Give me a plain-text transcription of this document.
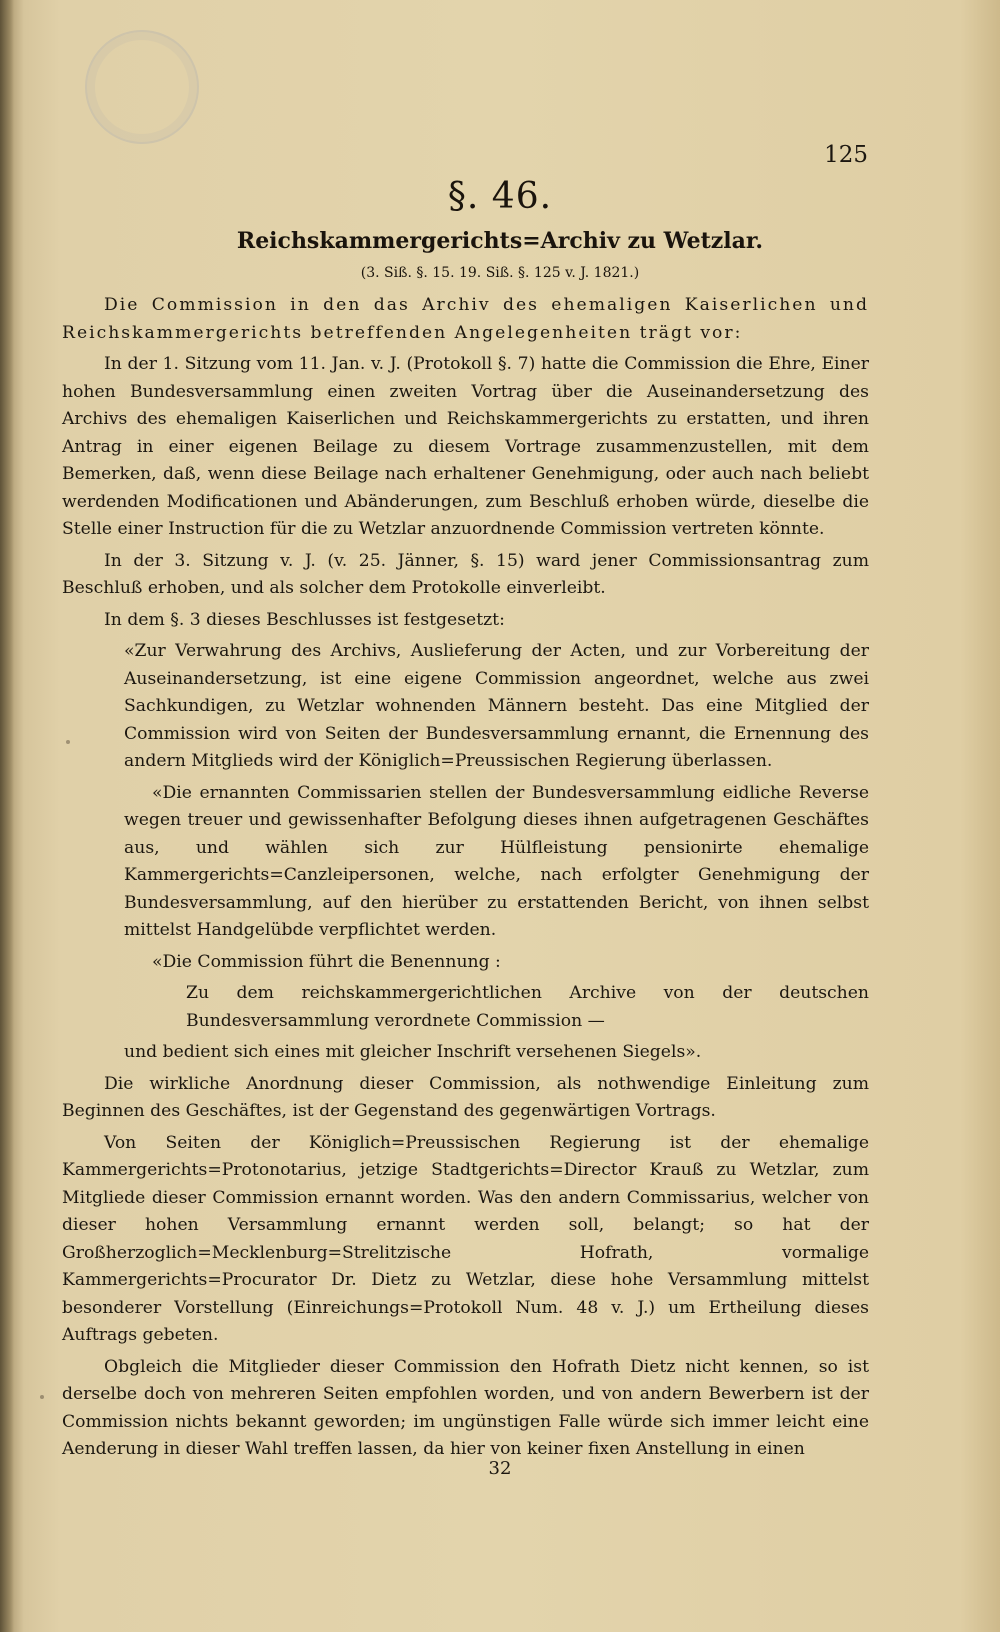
125
§. 46.
Reichskammergerichts=Archiv zu Wetzlar.
(3. Siß. §. 15. 19. Siß. §. 125 v. J. 1821.)

Die Commission in den das Archiv des ehemaligen Kaiserlichen und Reichskammergerichts betreffenden Angelegenheiten trägt vor:

In der 1. Sitzung vom 11. Jan. v. J. (Protokoll §. 7) hatte die Commission die Ehre, Einer hohen Bundesversammlung einen zweiten Vortrag über die Auseinandersetzung des Archivs des ehemaligen Kaiserlichen und Reichskammergerichts zu erstatten, und ihren Antrag in einer eigenen Beilage zu diesem Vortrage zusammenzustellen, mit dem Bemerken, daß, wenn diese Beilage nach erhaltener Genehmigung, oder auch nach beliebt werdenden Modificationen und Abänderungen, zum Beschluß erhoben würde, dieselbe die Stelle einer Instruction für die zu Wetzlar anzuordnende Commission vertreten könnte.

In der 3. Sitzung v. J. (v. 25. Jänner, §. 15) ward jener Commissionsantrag zum Beschluß erhoben, und als solcher dem Protokolle einverleibt.

In dem §. 3 dieses Beschlusses ist festgesetzt:

«Zur Verwahrung des Archivs, Auslieferung der Acten, und zur Vorbereitung der Auseinandersetzung, ist eine eigene Commission angeordnet, welche aus zwei Sachkundigen, zu Wetzlar wohnenden Männern besteht. Das eine Mitglied der Commission wird von Seiten der Bundesversammlung ernannt, die Ernennung des andern Mitglieds wird der Königlich=Preussischen Regierung überlassen.

«Die ernannten Commissarien stellen der Bundesversammlung eidliche Reverse wegen treuer und gewissenhafter Befolgung dieses ihnen aufgetragenen Geschäftes aus, und wählen sich zur Hülfleistung pensionirte ehemalige Kammergerichts=Canzleipersonen, welche, nach erfolgter Genehmigung der Bundesversammlung, auf den hierüber zu erstattenden Bericht, von ihnen selbst mittelst Handgelübde verpflichtet werden.

«Die Commission führt die Benennung :

Zu dem reichskammergerichtlichen Archive von der deutschen Bundesversammlung verordnete Commission —

und bedient sich eines mit gleicher Inschrift versehenen Siegels».

Die wirkliche Anordnung dieser Commission, als nothwendige Einleitung zum Beginnen des Geschäftes, ist der Gegenstand des gegenwärtigen Vortrags.

Von Seiten der Königlich=Preussischen Regierung ist der ehemalige Kammergerichts=Protonotarius, jetzige Stadtgerichts=Director Krauß zu Wetzlar, zum Mitgliede dieser Commission ernannt worden. Was den andern Commissarius, welcher von dieser hohen Versammlung ernannt werden soll, belangt; so hat der Großherzoglich=Mecklenburg=Strelitzische Hofrath, vormalige Kammergerichts=Procurator Dr. Dietz zu Wetzlar, diese hohe Versammlung mittelst besonderer Vorstellung (Einreichungs=Protokoll Num. 48 v. J.) um Ertheilung dieses Auftrags gebeten.

Obgleich die Mitglieder dieser Commission den Hofrath Dietz nicht kennen, so ist derselbe doch von mehreren Seiten empfohlen worden, und von andern Bewerbern ist der Commission nichts bekannt geworden; im ungünstigen Falle würde sich immer leicht eine Aenderung in dieser Wahl treffen lassen, da hier von keiner fixen Anstellung in einen

32
